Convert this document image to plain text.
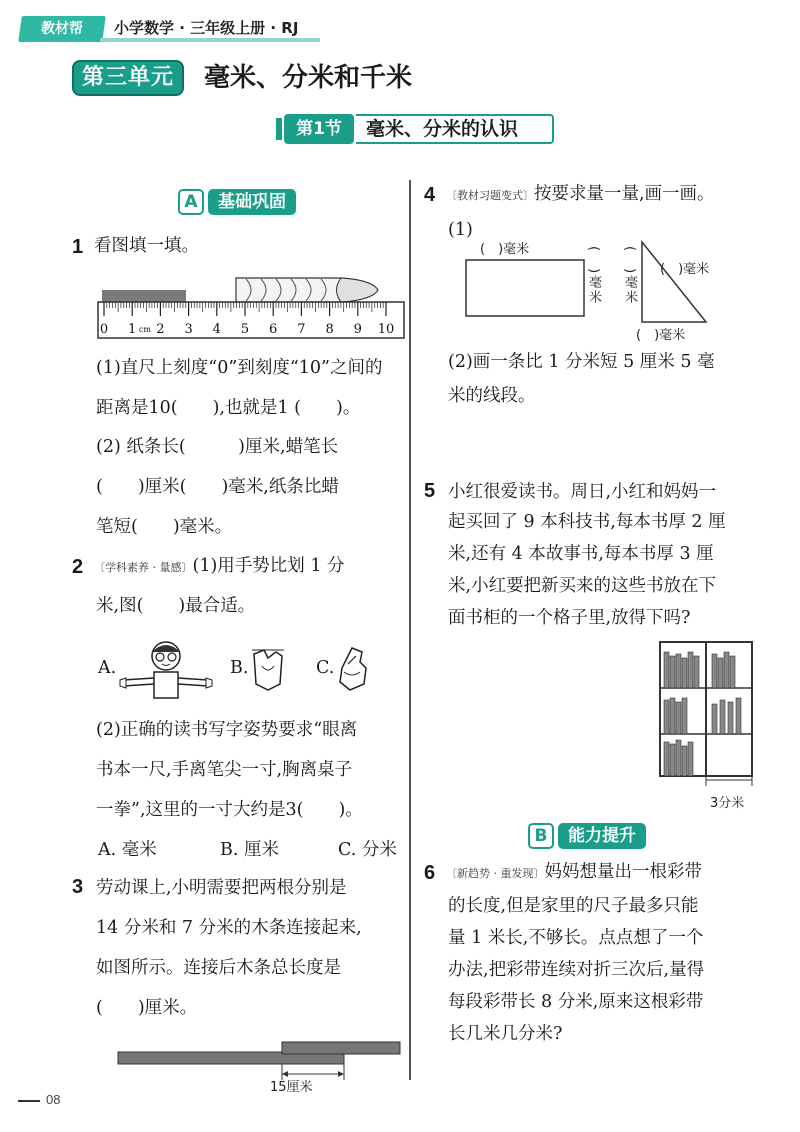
教材帮	小学数学 · 三年级上册 · RJ
第三单元	毫米、分米和千米
第1节	毫米、分米的认识
A 基础巩固
1 看图填一填。
0 1 cm 2 3 4 5 6 7 8 9 10
(1)直尺上刻度“0”到刻度“10”之间的
距离是10(　　),也就是1 (　　)。
(2) 纸条长(　　　)厘米,蜡笔长
(　　)厘米(　　)毫米,纸条比蜡
笔短(　　)毫米。
2 〔学科素养 · 量感〕(1)用手势比划 1 分
米,图(　　)最合适。
A.	B.	C.
(2)正确的读书写字姿势要求“眼离
书本一尺,手离笔尖一寸,胸离桌子
一拳”,这里的一寸大约是3(　　)。
A. 毫米	B. 厘米	C. 分米
3 劳动课上,小明需要把两根分别是
14 分米和 7 分米的木条连接起来,
如图所示。连接后木条总长度是
(　　)厘米。
15厘米
4 〔教材习题变式〕按要求量一量,画一画。
(1)
(　)毫米	(　)毫米 (　)毫米 (　)毫米
(　)毫米
(2)画一条比 1 分米短 5 厘米 5 毫
米的线段。
5 小红很爱读书。周日,小红和妈妈一
起买回了 9 本科技书,每本书厚 2 厘
米,还有 4 本故事书,每本书厚 3 厘
米,小红要把新买来的这些书放在下
面书柜的一个格子里,放得下吗?
3分米
B 能力提升
6 〔新趋势 · 重发现〕妈妈想量出一根彩带
的长度,但是家里的尺子最多只能
量 1 米长,不够长。点点想了一个
办法,把彩带连续对折三次后,量得
每段彩带长 8 分米,原来这根彩带
长几米几分米?
08
